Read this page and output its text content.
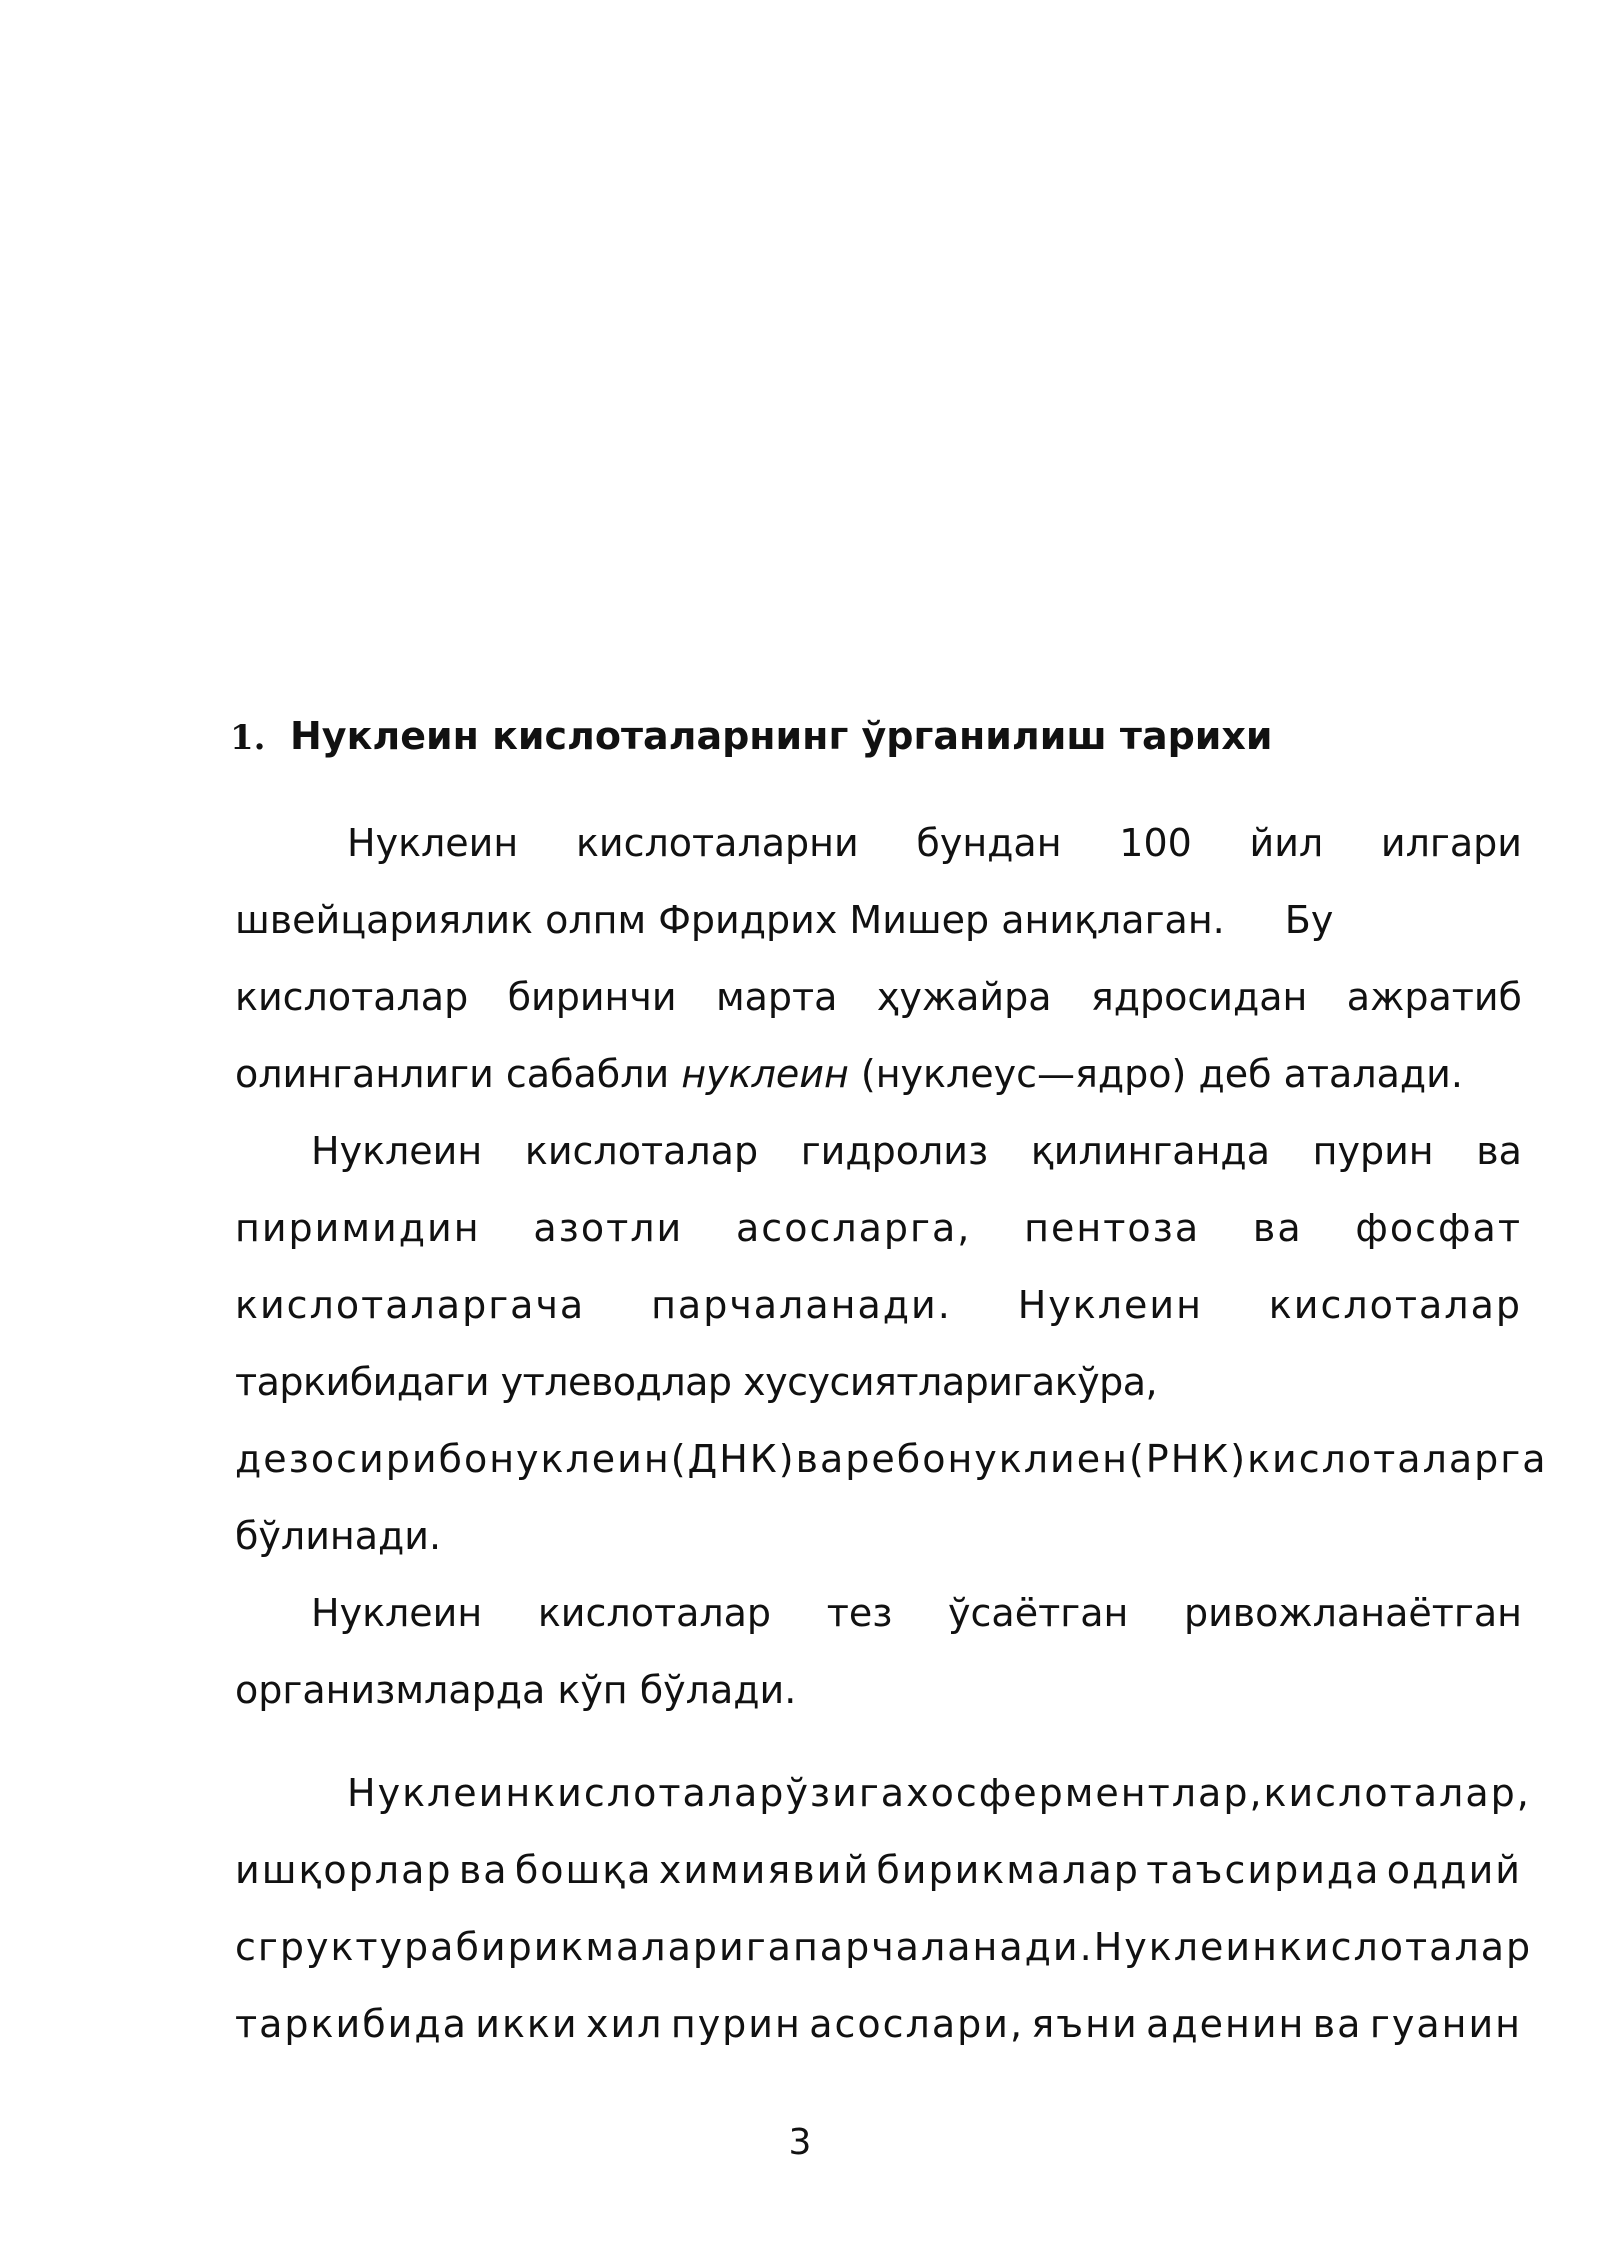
1. Нуклеин кислоталарнинг ўрганилиш тарихи
Нуклеин кислоталарни бундан 100 йил илгари
швейцариялик олпм Фридрих Мишер аниқлаган. Бу
кислоталар биринчи марта ҳужайра ядросидан ажратиб
олинганлиги сабабли нуклеин (нуклеус—ядро) деб аталади.
Нуклеин кислоталар гидролиз қилинганда пурин ва
пиримидин азотли асосларга, пентоза ва фосфат
кислоталаргача парчаланади. Нуклеин кислоталар
таркибидаги утлеводлар хусусиятларигакўра,
дезосирибонуклеин (ДНК) ва ребонуклиен (РНК) кислоталарга
бўлинади.
Нуклеин кислоталар тез ўсаётган ривожланаётган
организмларда кўп бўлади.
Нуклеин кислоталар ўзига хос ферментлар, кислоталар,
ишқорлар ва бошқа химиявий бирикмалар таъсирида оддий
сгруктура бирикмаларига парчаланади. Нуклеин кислоталар
таркибида икки хил пурин асослари, яъни аденин ва гуанин
3
